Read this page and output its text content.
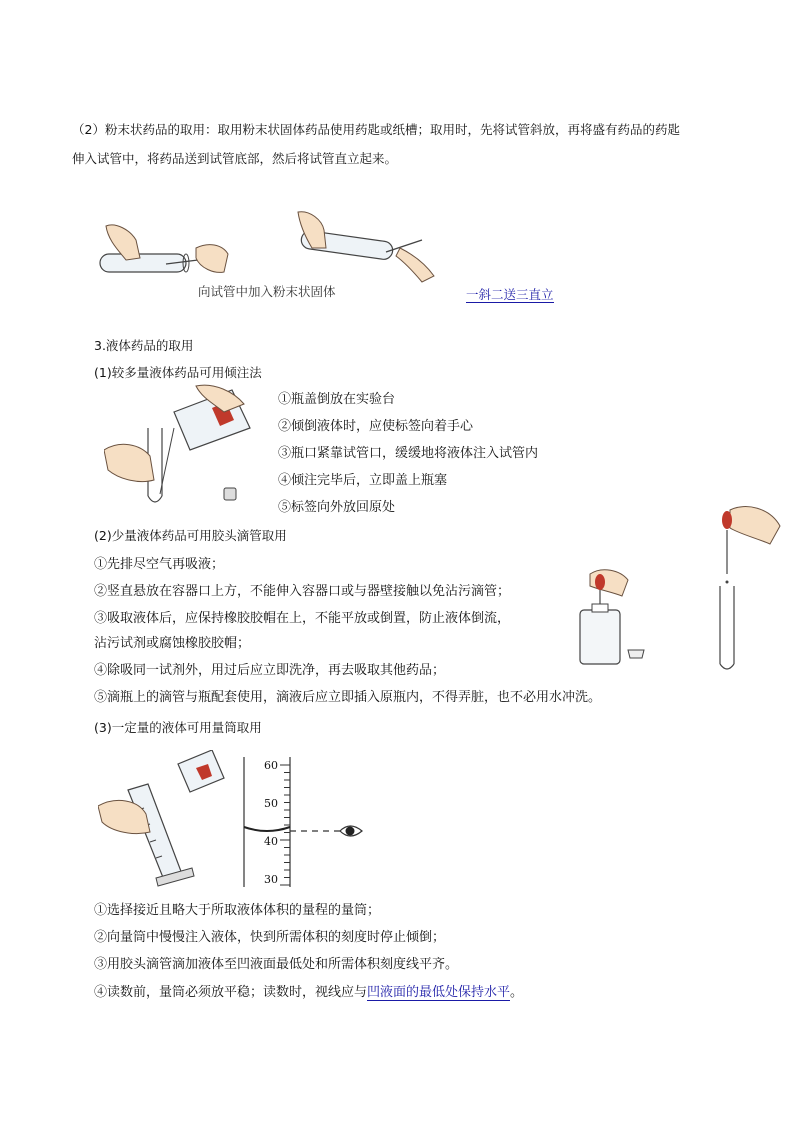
（2）粉末状药品的取用：取用粉末状固体药品使用药匙或纸槽；取用时，先将试管斜放，再将盛有药品的药匙
伸入试管中，将药品送到试管底部，然后将试管直立起来。
向试管中加入粉末状固体	一斜二送三直立
3.液体药品的取用
(1)较多量液体药品可用倾注法
①瓶盖倒放在实验台
②倾倒液体时，应使标签向着手心
③瓶口紧靠试管口，缓缓地将液体注入试管内
④倾注完毕后，立即盖上瓶塞
⑤标签向外放回原处
(2)少量液体药品可用胶头滴管取用
①先排尽空气再吸液；
②竖直悬放在容器口上方，不能伸入容器口或与器壁接触以免沾污滴管；
③吸取液体后，应保持橡胶胶帽在上，不能平放或倒置，防止液体倒流，
沾污试剂或腐蚀橡胶胶帽；
④除吸同一试剂外，用过后应立即洗净，再去吸取其他药品；
⑤滴瓶上的滴管与瓶配套使用，滴液后应立即插入原瓶内，不得弄脏，也不必用水冲洗。
(3)一定量的液体可用量筒取用
60
50
40
30
①选择接近且略大于所取液体体积的量程的量筒；
②向量筒中慢慢注入液体，快到所需体积的刻度时停止倾倒；
③用胶头滴管滴加液体至凹液面最低处和所需体积刻度线平齐。
④读数前，量筒必须放平稳；读数时，视线应与凹液面的最低处保持水平。
